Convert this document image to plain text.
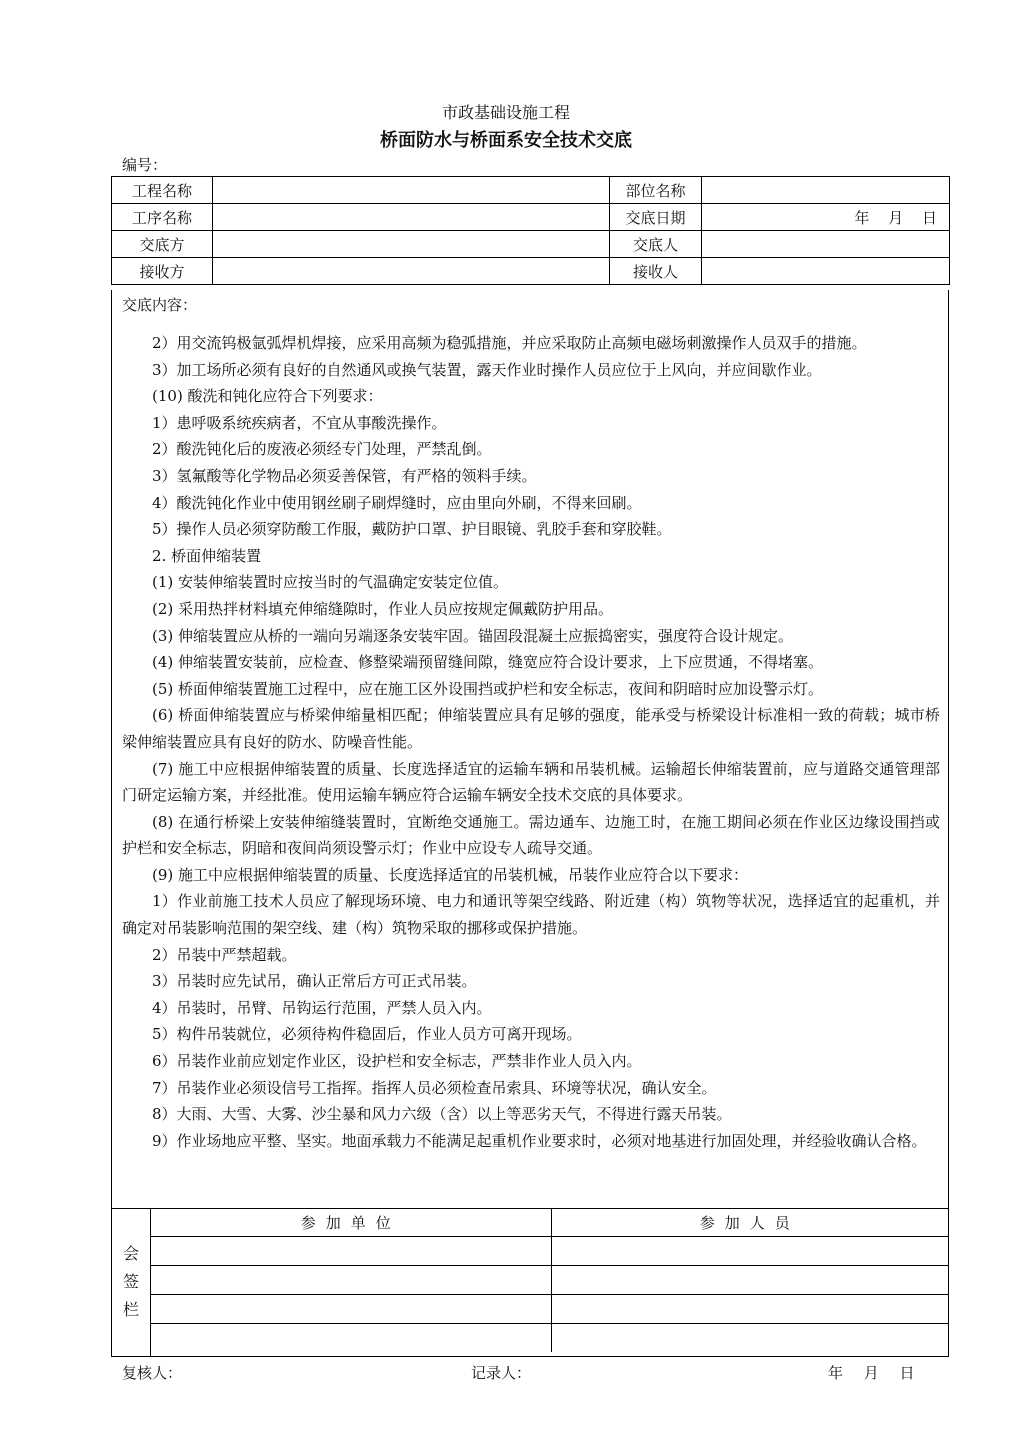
市政基础设施工程
桥面防水与桥面系安全技术交底
编号：
工程名称		部位名称	
工序名称		交底日期	年 月 日
交底方		交底人	
接收方		接收人	
交底内容：

2）用交流钨极氩弧焊机焊接，应采用高频为稳弧措施，并应采取防止高频电磁场刺激操作人员双手的措施。

3）加工场所必须有良好的自然通风或换气装置，露天作业时操作人员应位于上风向，并应间歇作业。

(10) 酸洗和钝化应符合下列要求：

1）患呼吸系统疾病者，不宜从事酸洗操作。

2）酸洗钝化后的废液必须经专门处理，严禁乱倒。

3）氢氟酸等化学物品必须妥善保管，有严格的领料手续。

4）酸洗钝化作业中使用钢丝刷子刷焊缝时，应由里向外刷，不得来回刷。

5）操作人员必须穿防酸工作服，戴防护口罩、护目眼镜、乳胶手套和穿胶鞋。

2. 桥面伸缩装置

(1) 安装伸缩装置时应按当时的气温确定安装定位值。

(2) 采用热拌材料填充伸缩缝隙时，作业人员应按规定佩戴防护用品。

(3) 伸缩装置应从桥的一端向另端逐条安装牢固。锚固段混凝土应振捣密实，强度符合设计规定。

(4) 伸缩装置安装前，应检查、修整梁端预留缝间隙，缝宽应符合设计要求，上下应贯通，不得堵塞。

(5) 桥面伸缩装置施工过程中，应在施工区外设围挡或护栏和安全标志，夜间和阴暗时应加设警示灯。

(6) 桥面伸缩装置应与桥梁伸缩量相匹配；伸缩装置应具有足够的强度，能承受与桥梁设计标准相一致的荷载；城市桥梁伸缩装置应具有良好的防水、防噪音性能。

(7) 施工中应根据伸缩装置的质量、长度选择适宜的运输车辆和吊装机械。运输超长伸缩装置前，应与道路交通管理部门研定运输方案，并经批准。使用运输车辆应符合运输车辆安全技术交底的具体要求。

(8) 在通行桥梁上安装伸缩缝装置时，宜断绝交通施工。需边通车、边施工时，在施工期间必须在作业区边缘设围挡或护栏和安全标志，阴暗和夜间尚须设警示灯；作业中应设专人疏导交通。

(9) 施工中应根据伸缩装置的质量、长度选择适宜的吊装机械，吊装作业应符合以下要求：

1）作业前施工技术人员应了解现场环境、电力和通讯等架空线路、附近建（构）筑物等状况，选择适宜的起重机，并确定对吊装影响范围的架空线、建（构）筑物采取的挪移或保护措施。

2）吊装中严禁超载。

3）吊装时应先试吊，确认正常后方可正式吊装。

4）吊装时，吊臂、吊钩运行范围，严禁人员入内。

5）构件吊装就位，必须待构件稳固后，作业人员方可离开现场。

6）吊装作业前应划定作业区，设护栏和安全标志，严禁非作业人员入内。

7）吊装作业必须设信号工指挥。指挥人员必须检查吊索具、环境等状况，确认安全。

8）大雨、大雪、大雾、沙尘暴和风力六级（含）以上等恶劣天气，不得进行露天吊装。

9）作业场地应平整、坚实。地面承载力不能满足起重机作业要求时，必须对地基进行加固处理，并经验收确认合格。

会
签
栏
参加单位	参加人员

复核人：	记录人：	年 月 日
